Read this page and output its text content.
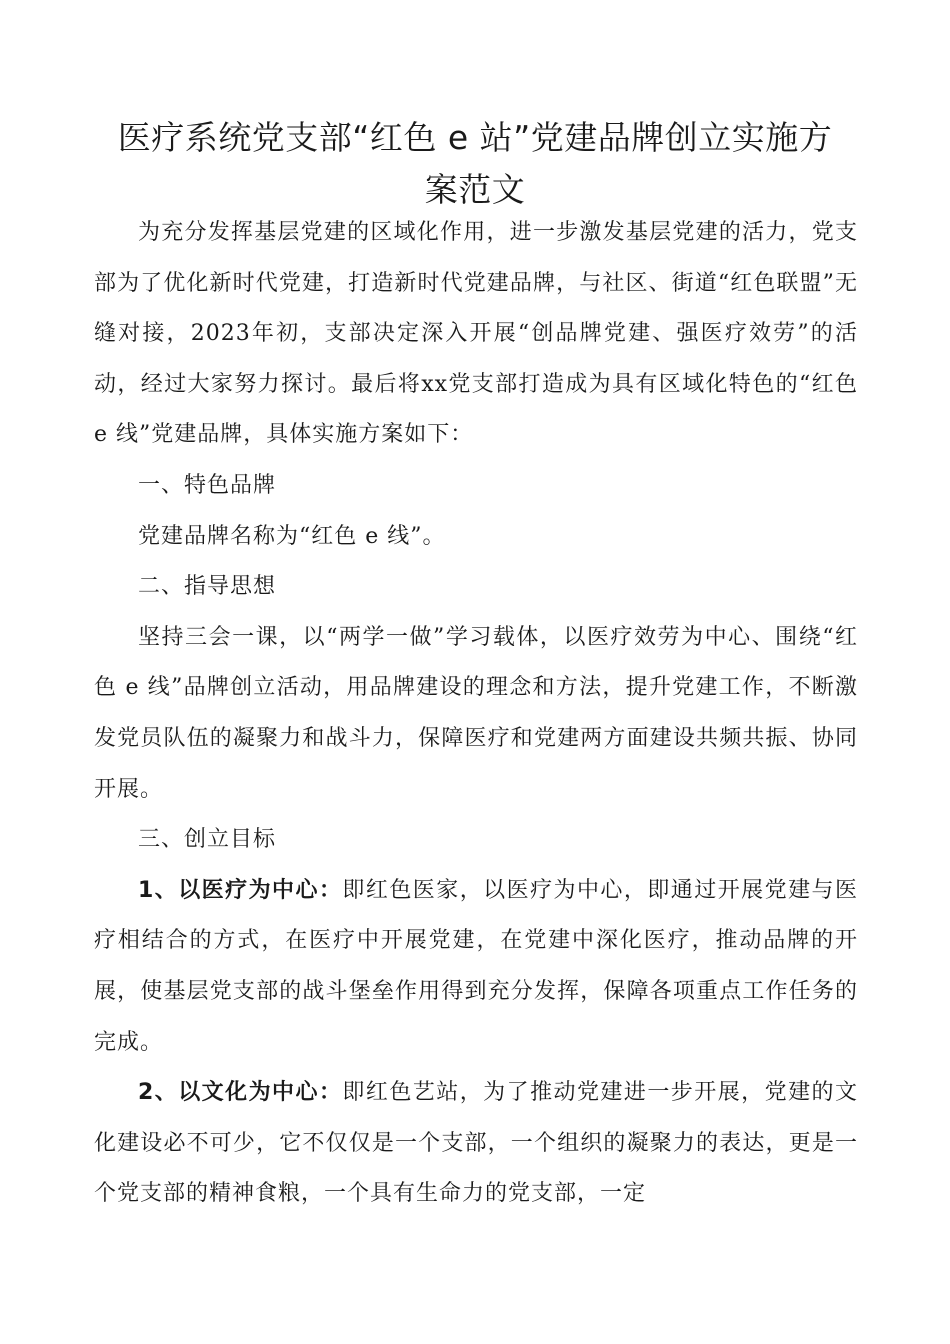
医疗系统党支部“红色 e 站”党建品牌创立实施方
案范文

为充分发挥基层党建的区域化作用，进一步激发基层党建的活力，党支部为了优化新时代党建，打造新时代党建品牌，与社区、街道“红色联盟”无缝对接，2023年初，支部决定深入开展“创品牌党建、强医疗效劳”的活动，经过大家努力探讨。最后将xx党支部打造成为具有区域化特色的“红色 e 线”党建品牌，具体实施方案如下：

一、特色品牌

党建品牌名称为“红色 e 线”。

二、指导思想

坚持三会一课，以“两学一做”学习载体，以医疗效劳为中心、围绕“红色 e 线”品牌创立活动，用品牌建设的理念和方法，提升党建工作，不断激发党员队伍的凝聚力和战斗力，保障医疗和党建两方面建设共频共振、协同开展。

三、创立目标

1、以医疗为中心：即红色医家，以医疗为中心，即通过开展党建与医疗相结合的方式，在医疗中开展党建，在党建中深化医疗，推动品牌的开展，使基层党支部的战斗堡垒作用得到充分发挥，保障各项重点工作任务的完成。

2、以文化为中心：即红色艺站，为了推动党建进一步开展，党建的文化建设必不可少，它不仅仅是一个支部，一个组织的凝聚力的表达，更是一个党支部的精神食粮，一个具有生命力的党支部，一定
